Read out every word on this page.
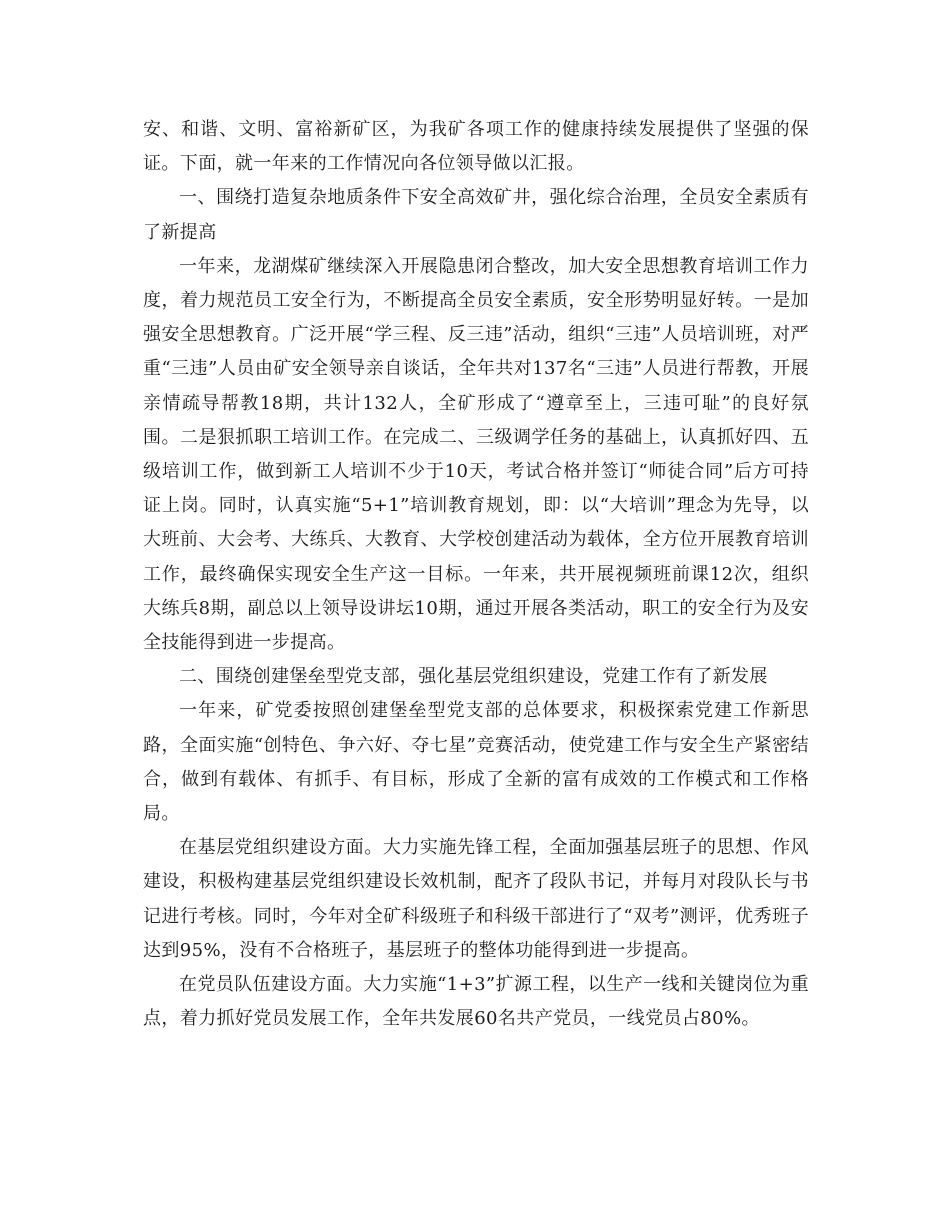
安、和谐、文明、富裕新矿区，为我矿各项工作的健康持续发展提供了坚强的保证。下面，就一年来的工作情况向各位领导做以汇报。

一、围绕打造复杂地质条件下安全高效矿井，强化综合治理，全员安全素质有了新提高

一年来，龙湖煤矿继续深入开展隐患闭合整改，加大安全思想教育培训工作力度，着力规范员工安全行为，不断提高全员安全素质，安全形势明显好转。一是加强安全思想教育。广泛开展“学三程、反三违”活动，组织“三违”人员培训班，对严重“三违”人员由矿安全领导亲自谈话，全年共对137名“三违”人员进行帮教，开展亲情疏导帮教18期，共计132人，全矿形成了“遵章至上，三违可耻”的良好氛围。二是狠抓职工培训工作。在完成二、三级调学任务的基础上，认真抓好四、五级培训工作，做到新工人培训不少于10天，考试合格并签订“师徒合同”后方可持证上岗。同时，认真实施“5+1”培训教育规划，即：以“大培训”理念为先导，以大班前、大会考、大练兵、大教育、大学校创建活动为载体，全方位开展教育培训工作，最终确保实现安全生产这一目标。一年来，共开展视频班前课12次，组织大练兵8期，副总以上领导设讲坛10期，通过开展各类活动，职工的安全行为及安全技能得到进一步提高。

二、围绕创建堡垒型党支部，强化基层党组织建设，党建工作有了新发展

一年来，矿党委按照创建堡垒型党支部的总体要求，积极探索党建工作新思路，全面实施“创特色、争六好、夺七星”竞赛活动，使党建工作与安全生产紧密结合，做到有载体、有抓手、有目标，形成了全新的富有成效的工作模式和工作格局。

在基层党组织建设方面。大力实施先锋工程，全面加强基层班子的思想、作风建设，积极构建基层党组织建设长效机制，配齐了段队书记，并每月对段队长与书记进行考核。同时，今年对全矿科级班子和科级干部进行了“双考”测评，优秀班子达到95%，没有不合格班子，基层班子的整体功能得到进一步提高。

在党员队伍建设方面。大力实施“1+3”扩源工程，以生产一线和关键岗位为重点，着力抓好党员发展工作，全年共发展60名共产党员，一线党员占80%。
